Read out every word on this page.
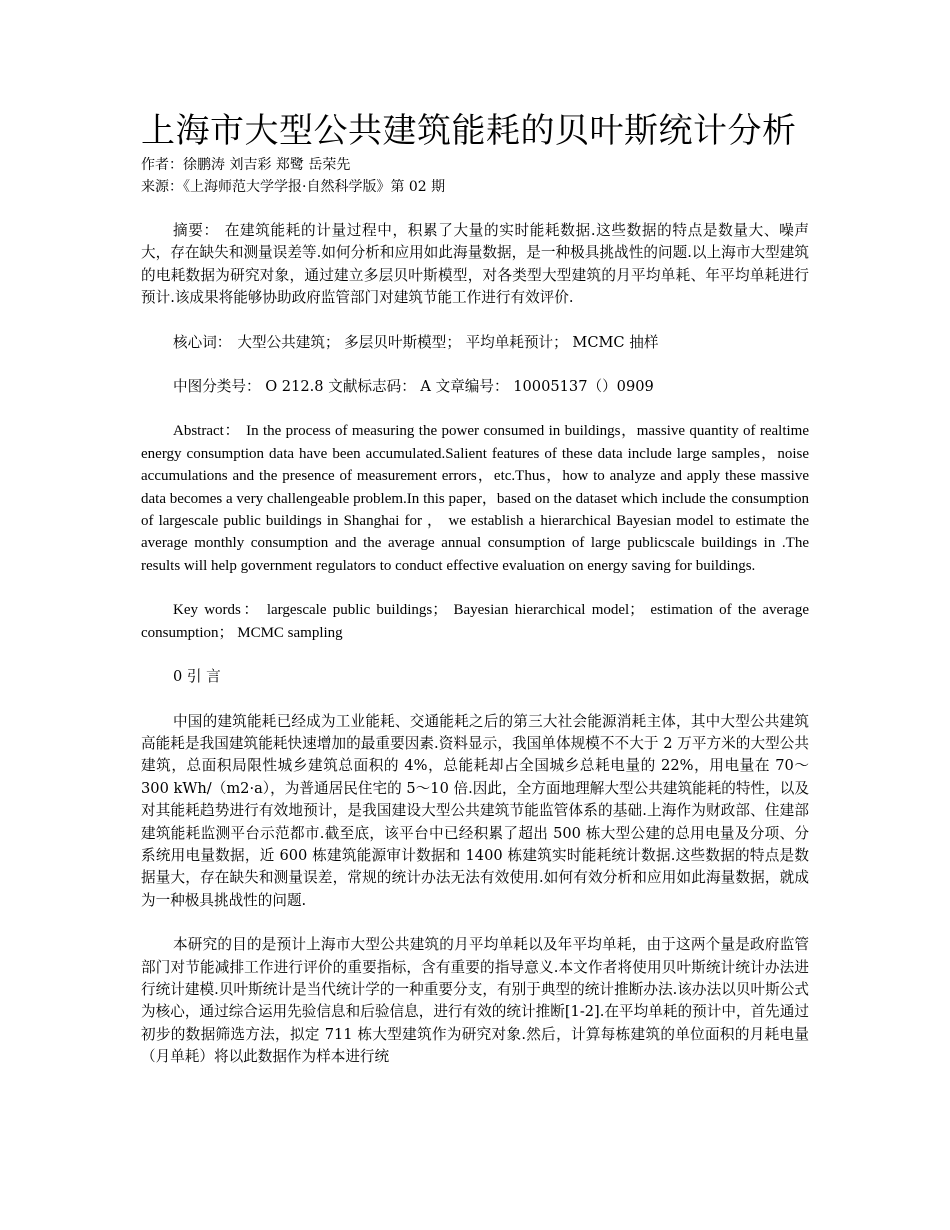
上海市大型公共建筑能耗的贝叶斯统计分析
作者：徐鹏涛 刘吉彩 郑鹭 岳荣先
来源：《上海师范大学学报·自然科学版》第 02 期

摘要： 在建筑能耗的计量过程中，积累了大量的实时能耗数据.这些数据的特点是数量大、噪声大，存在缺失和测量误差等.如何分析和应用如此海量数据，是一种极具挑战性的问题.以上海市大型建筑的电耗数据为研究对象，通过建立多层贝叶斯模型，对各类型大型建筑的月平均单耗、年平均单耗进行预计.该成果将能够协助政府监管部门对建筑节能工作进行有效评价.

核心词： 大型公共建筑； 多层贝叶斯模型； 平均单耗预计； MCMC 抽样

中图分类号： O 212.8 文献标志码： A 文章编号： 10005137（）0909

Abstract： In the process of measuring the power consumed in buildings，massive quantity of realtime energy consumption data have been accumulated.Salient features of these data include large samples，noise accumulations and the presence of measurement errors，etc.Thus，how to analyze and apply these massive data becomes a very challengeable problem.In this paper，based on the dataset which include the consumption of largescale public buildings in Shanghai for ， we establish a hierarchical Bayesian model to estimate the average monthly consumption and the average annual consumption of large publicscale buildings in .The results will help government regulators to conduct effective evaluation on energy saving for buildings.

Key words： largescale public buildings； Bayesian hierarchical model； estimation of the average consumption； MCMC sampling

0 引 言

中国的建筑能耗已经成为工业能耗、交通能耗之后的第三大社会能源消耗主体，其中大型公共建筑高能耗是我国建筑能耗快速增加的最重要因素.资料显示，我国单体规模不不大于 2 万平方米的大型公共建筑，总面积局限性城乡建筑总面积的 4%，总能耗却占全国城乡总耗电量的 22%，用电量在 70～300 kWh/（m2·a），为普通居民住宅的 5～10 倍.因此，全方面地理解大型公共建筑能耗的特性，以及对其能耗趋势进行有效地预计，是我国建设大型公共建筑节能监管体系的基础.上海作为财政部、住建部建筑能耗监测平台示范都市.截至底，该平台中已经积累了超出 500 栋大型公建的总用电量及分项、分系统用电量数据，近 600 栋建筑能源审计数据和 1400 栋建筑实时能耗统计数据.这些数据的特点是数据量大，存在缺失和测量误差，常规的统计办法无法有效使用.如何有效分析和应用如此海量数据，就成为一种极具挑战性的问题.

本研究的目的是预计上海市大型公共建筑的月平均单耗以及年平均单耗，由于这两个量是政府监管部门对节能减排工作进行评价的重要指标，含有重要的指导意义.本文作者将使用贝叶斯统计统计办法进行统计建模.贝叶斯统计是当代统计学的一种重要分支，有别于典型的统计推断办法.该办法以贝叶斯公式为核心，通过综合运用先验信息和后验信息，进行有效的统计推断[1-2].在平均单耗的预计中，首先通过初步的数据筛选方法，拟定 711 栋大型建筑作为研究对象.然后，计算每栋建筑的单位面积的月耗电量（月单耗）将以此数据作为样本进行统
